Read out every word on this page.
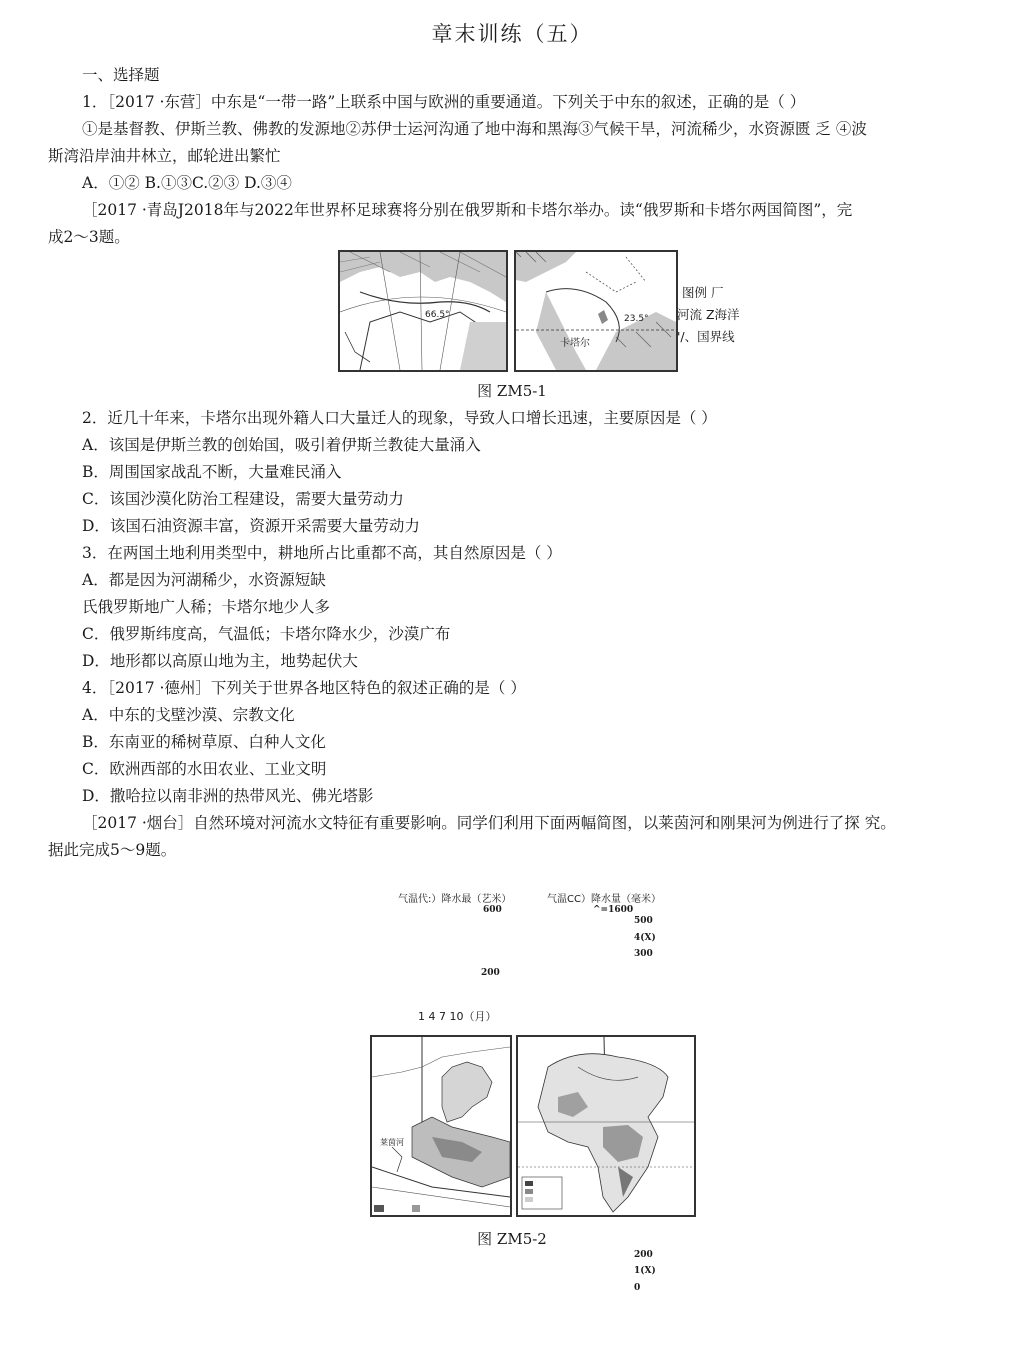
章末训练（五）
一、选择题
1．［2017 ·东营］中东是“一带一路”上联系中国与欧洲的重要通道。下列关于中东的叙述，正确的是（ ）
①是基督教、伊斯兰教、佛教的发源地②苏伊士运河沟通了地中海和黑海③气候干旱，河流稀少，水资源匮 乏 ④波
斯湾沿岸油井林立，邮轮进出繁忙
A．①② B.①③C.②③ D.③④
［2017 ·青岛J2018年与2022年世界杯足球赛将分别在俄罗斯和卡塔尔举办。读“俄罗斯和卡塔尔两国简图”，完
成2～3题。
66.5°	23.5°
卡塔尔
图例 厂
河流 Z海洋
'/、国界线
图 ZM5-1
2．近几十年来，卡塔尔出现外籍人口大量迁人的现象，导致人口增长迅速，主要原因是（ ）
A．该国是伊斯兰教的创始国，吸引着伊斯兰教徒大量涌入
B．周围国家战乱不断，大量难民涌入
C．该国沙漠化防治工程建设，需要大量劳动力
D．该国石油资源丰富，资源开采需要大量劳动力
3．在两国土地利用类型中，耕地所占比重都不高，其自然原因是（ ）
A．都是因为河湖稀少，水资源短缺
氏俄罗斯地广人稀；卡塔尔地少人多
C．俄罗斯纬度高，气温低；卡塔尔降水少，沙漠广布
D．地形都以高原山地为主，地势起伏大
4．［2017 ·德州］下列关于世界各地区特色的叙述正确的是（ ）
A．中东的戈壁沙漠、宗教文化
B．东南亚的稀树草原、白种人文化
C．欧洲西部的水田农业、工业文明
D．撒哈拉以南非洲的热带风光、佛光塔影
［2017 ·烟台］自然环境对河流水文特征有重要影响。同学们利用下面两幅简图，以莱茵河和刚果河为例进行了探 究。
据此完成5～9题。
气温代:）降水最（艺米）	气温CC）降水量（毫米）
600	^=1600
500
4(X)
300
200
1 4 7 10（月）
莱茵河
图 ZM5-2
200
1(X)
0
